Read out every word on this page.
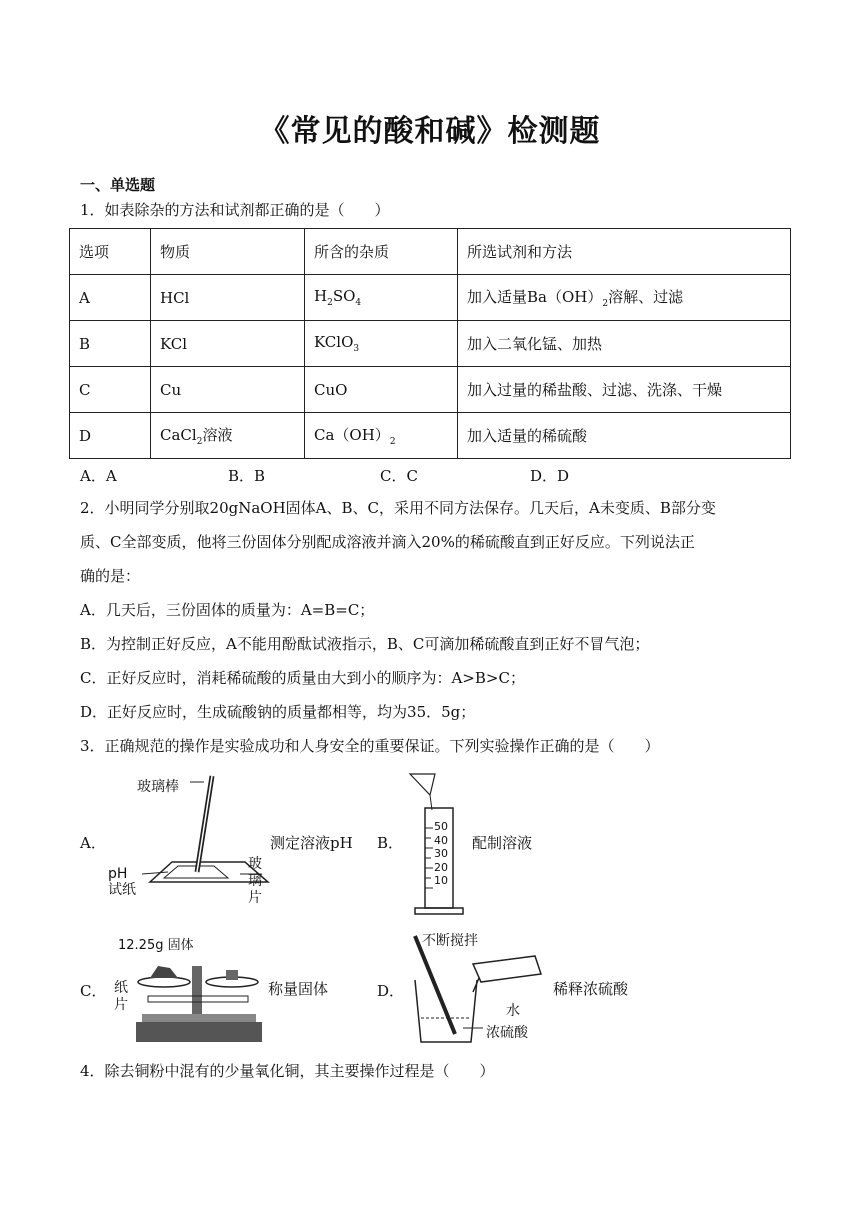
《常见的酸和碱》检测题
一、单选题
1．如表除杂的方法和试剂都正确的是（　　）
选项	物质	所含的杂质	所选试剂和方法
A	HCl	$H_2SO_4$	加入适量$Ba(OH)_2$溶解、过滤
B	KCl	KClO$_3$	加入二氧化锰、加热
C	Cu	CuO	加入过量的稀盐酸、过滤、洗涤、干燥
D	CaCl$_2$溶液	$Ca(OH)_2$	加入适量的稀硫酸
A．A	B．B	C．C	D．D
2．小明同学分别取20gNaOH固体A、B、C，采用不同方法保存。几天后，A未变质、B部分变
质、C全部变质，他将三份固体分别配成溶液并滴入20%的稀硫酸直到正好反应。下列说法正
确的是：
A．几天后，三份固体的质量为：A=B=C；
B．为控制正好反应，A不能用酚酞试液指示，B、C可滴加稀硫酸直到正好不冒气泡；
C．正好反应时，消耗稀硫酸的质量由大到小的顺序为：A>B>C；
D．正好反应时，生成硫酸钠的质量都相等，均为35．5g；
3．正确规范的操作是实验成功和人身安全的重要保证。下列实验操作正确的是（　　）
A．
玻璃棒
pH
试纸
玻
璃
片
测定溶液pH B．
50
40
30
20
10
配制溶液
C．
12.25g 固体
纸
片
称量固体	D．
不断搅拌
水
浓硫酸
稀释浓硫酸
4．除去铜粉中混有的少量氧化铜，其主要操作过程是（　　）
